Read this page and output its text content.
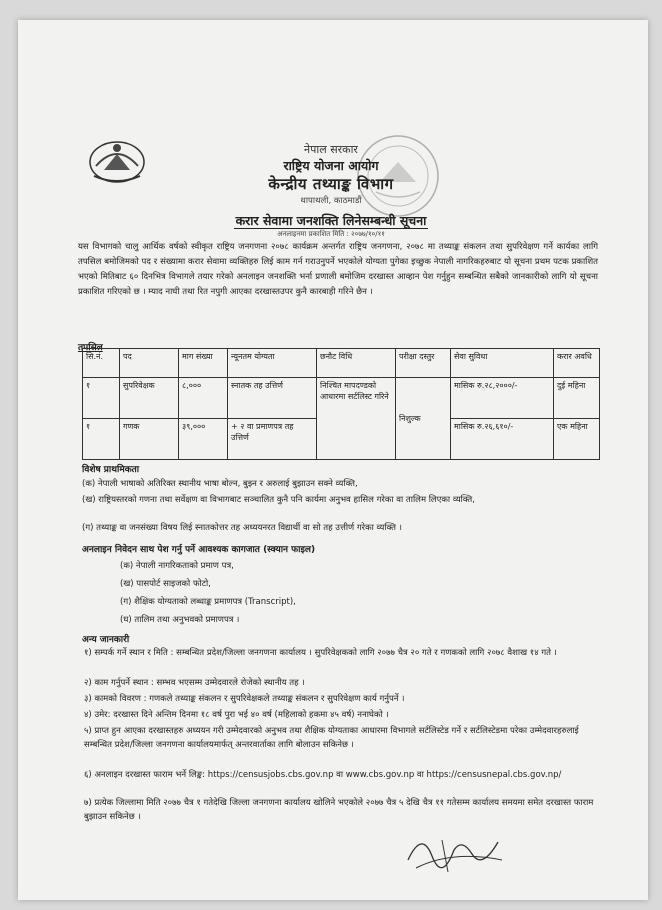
नेपाल सरकार
राष्ट्रिय योजना आयोग
केन्द्रीय तथ्याङ्क विभाग
थापाथली, काठमाडौं
करार सेवामा जनशक्ति लिनेसम्बन्धी सूचना
अनलाइनमा प्रकाशित मिति : २०७७/१०/११

यस विभागको चालु आर्थिक वर्षको स्वीकृत राष्ट्रिय जनगणना २०७८ कार्यक्रम अन्तर्गत राष्ट्रिय जनगणना, २०७८ मा तथ्याङ्क संकलन तथा सुपरिवेक्षण गर्ने कार्यका लागि तपसिल बमोजिमको पद र संख्यामा करार सेवामा व्यक्तिहरु लिई काम गर्न गराउनुपर्ने भएकोले योग्यता पुगेका इच्छुक नेपाली नागरिकहरुबाट यो सूचना प्रथम पटक प्रकाशित भएको मितिबाट ६० दिनभित्र विभागले तयार गरेको अनलाइन जनशक्ति भर्ना प्रणाली बमोजिम दरखास्त आव्हान पेश गर्नुहुन सम्बन्धित सबैको जानकारीको लागि यो सूचना प्रकाशित गरिएको छ । म्याद नाघी तथा रित नपुगी आएका दरखास्तउपर कुनै कारबाही गरिने छैन ।

तपसिल
सि.नं.	पद	माग संख्या	न्यूनतम योग्यता	छनौट विधि	परीक्षा दस्तुर	सेवा सुविधा	करार अवधि
१	सुपरिवेक्षक	८,०००	स्नातक तह उत्तिर्ण	निश्चित मापदण्डको आधारमा सर्टलिस्ट गरिने	निशुल्क	मासिक रु.२८,२०००/-	दुई महिना
१	गणक	३९,०००	+ २ वा प्रमाणपत्र तह उत्तिर्ण			मासिक रु.२६,६१०/-	एक महिना
विशेष प्राथमिकता

(क) नेपाली भाषाको अतिरिक्त स्थानीय भाषा बोल्न, बुझ्न र अरुलाई बुझाउन सक्ने व्यक्ति,

(ख) राष्ट्रियस्तरको गणना तथा सर्वेक्षण वा विभागबाट सञ्चालित कुनै पनि कार्यमा अनुभव हासिल गरेका वा तालिम लिएका व्यक्ति,

(ग) तथ्याङ्क वा जनसंख्या विषय लिई स्नातकोत्तर तह अध्ययनरत विद्यार्थी वा सो तह उत्तीर्ण गरेका व्यक्ति ।

अनलाइन निवेदन साथ पेश गर्नु पर्ने आवश्यक कागजात (स्क्यान फाइल)

(क) नेपाली नागरिकताको प्रमाण पत्र,

(ख) पासपोर्ट साइजको फोटो,

(ग) शैक्षिक योग्यताको लब्धाङ्क प्रमाणपत्र (Transcript),

(घ) तालिम तथा अनुभवको प्रमाणपत्र ।

अन्य जानकारी

१) सम्पर्क गर्ने स्थान र मिति : सम्बन्धित प्रदेश/जिल्ला जनगणना कार्यालय । सुपरिवेक्षकको लागि २०७७ चैत्र २० गते र गणकको लागि २०७८ वैशाख १४ गते ।

२) काम गर्नुपर्ने स्थान : सम्भव भएसम्म उम्मेदवारले रोजेको स्थानीय तह ।

३) कामको विवरण : गणकले तथ्याङ्क संकलन र सुपरिवेक्षकले तथ्याङ्क संकलन र सुपरिवेक्षण कार्य गर्नुपर्ने ।

४) उमेर: दरखास्त दिने अन्तिम दिनमा १८ वर्ष पुरा भई ४० वर्ष (महिलाको हकमा ४५ वर्ष) ननाघेको ।

५) प्राप्त हुन आएका दरखास्तहरु अध्ययन गरी उम्मेदवारको अनुभव तथा शैक्षिक योग्यताका आधारमा विभागले सर्टलिस्टेड गर्ने र सर्टलिस्टेडमा परेका उम्मेदवारहरुलाई सम्बन्धित प्रदेश/जिल्ला जनगणना कार्यालयमार्फत् अन्तरवार्ताका लागि बोलाउन सकिनेछ ।

६) अनलाइन दरखास्त फाराम भर्ने लिङ्क: https://censusjobs.cbs.gov.np वा www.cbs.gov.np वा https://censusnepal.cbs.gov.np/

७) प्रत्येक जिल्लामा मिति २०७७ चैत्र १ गतेदेखि जिल्ला जनगणना कार्यालय खोलिने भएकोले २०७७ चैत्र ५ देखि चैत्र ११ गतेसम्म कार्यालय समयमा समेत दरखास्त फाराम बुझाउन सकिनेछ ।
